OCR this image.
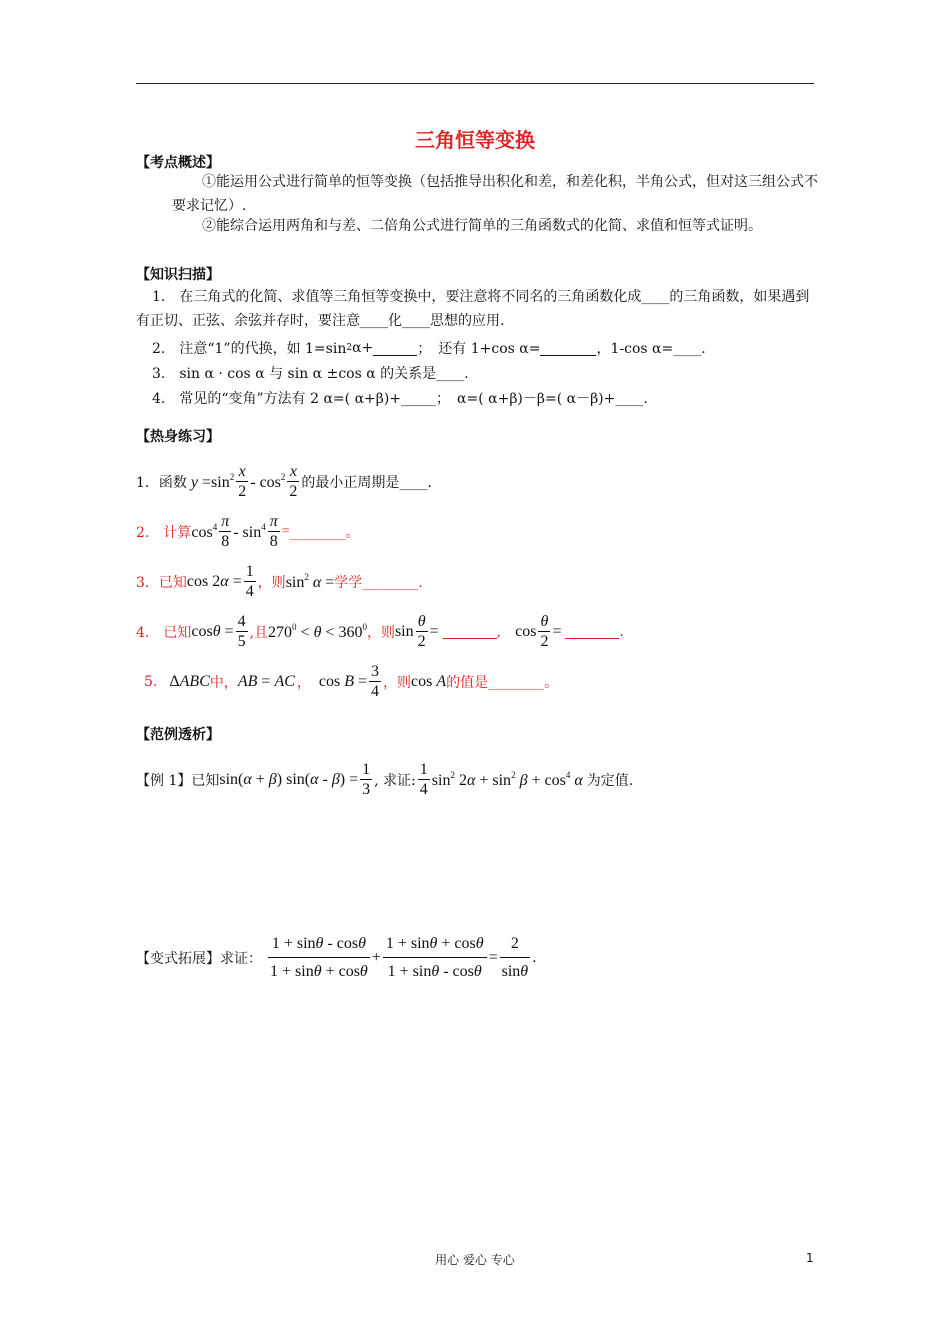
三角恒等变换
【考点概述】
①能运用公式进行简单的恒等变换（包括推导出积化和差，和差化积，半角公式，但对这三组公式不要求记忆）.
②能综合运用两角和与差、二倍角公式进行简单的三角函数式的化简、求值和恒等式证明。
【知识扫描】
1.　在三角式的化简、求值等三角恒等变换中，要注意将不同名的三角函数化成____的三角函数，如果遇到有正切、正弦、余弦并存时，要注意____化____思想的应用.
2.　注意“1”的代换，如 1=sin 2 α+	；　还有 1+cos α=	，1-cos α=____.
3.　sin α · cos α 与 sin α ±cos α 的关系是____.
4.　常见的“变角”方法有 2 α=( α+β)+_____；　α=( α+β)－β=( α－β)+____.
【热身练习】
1．函数 $y =\sin^2 \frac{x}{2} - \cos^2 \frac{x}{2}$ 的最小正周期是____.
2.　计算 $\cos^4 \frac{\pi}{8} - \sin^4 \frac{\pi}{8}$ = ________。
3．已知 $\cos 2\alpha = \frac{1}{4}$ ，则 $\sin^2 \alpha$ = 学学________.
4.　已知 $\cos\theta = \frac{4}{5}$ ,且 $270^0 < \theta < 360^0$ ，则 $\sin \frac{\theta}{2}$ =	, $\cos \frac{\theta}{2}$ =	.
5. ΔABC 中， AB = AC ， $\cos B = \frac{3}{4}$ ，则 cos A 的值是________。
【范例透析】
【例 1】已知 sin(α + β) $\sin(\alpha - \beta) = \frac{1}{3}$ , 求证: $\frac{1}{4} \sin^2 2\alpha + \sin^2 \beta + \cos^4 \alpha$ 为定值.
【变式拓展】求证： $\frac{1 + \sin\theta - \cos\theta}{1 + \sin\theta + \cos\theta} + \frac{1 + \sin\theta + \cos\theta}{1 + \sin\theta - \cos\theta} = \frac{2}{\sin\theta}$ .
用心 爱心 专心	1
